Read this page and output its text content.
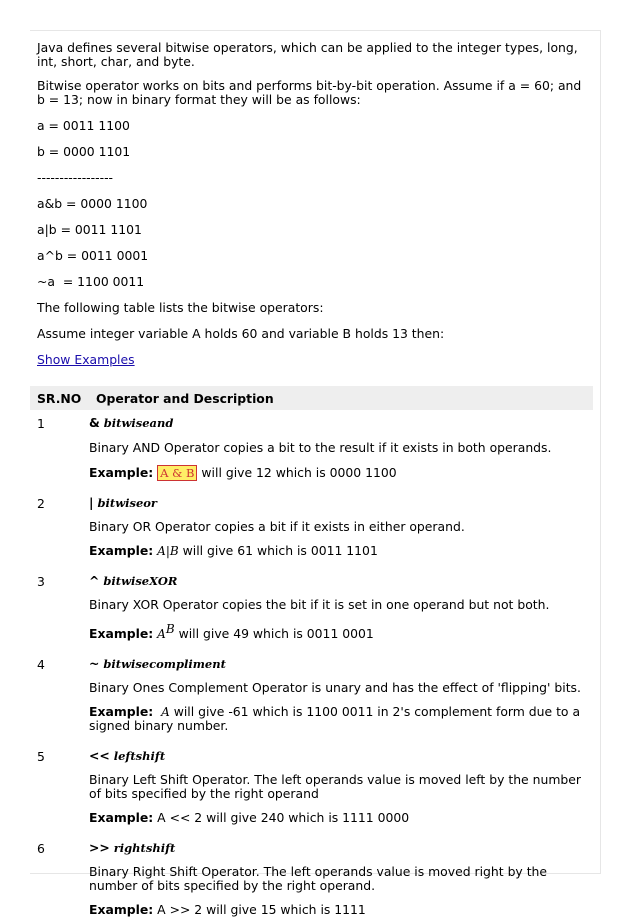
Java defines several bitwise operators, which can be applied to the integer types, long, int, short, char, and byte.

Bitwise operator works on bits and performs bit-by-bit operation. Assume if a = 60; and b = 13; now in binary format they will be as follows:

a = 0011 1100

b = 0000 1101

-----------------

a&b = 0000 1100

a|b = 0011 1101

a^b = 0011 0001

~a  = 1100 0011

The following table lists the bitwise operators:

Assume integer variable A holds 60 and variable B holds 13 then:

Show Examples

SR.NO	Operator and Description
1	& bitwiseand

Binary AND Operator copies a bit to the result if it exists in both operands.

Example: A & B will give 12 which is 0000 1100

2	| bitwiseor

Binary OR Operator copies a bit if it exists in either operand.

Example: A|B will give 61 which is 0011 1101

3	^ bitwiseXOR

Binary XOR Operator copies the bit if it is set in one operand but not both.

Example: $A^B$ will give 49 which is 0011 0001

4	~ bitwisecompliment

Binary Ones Complement Operator is unary and has the effect of 'flipping' bits.

Example: A will give -61 which is 1100 0011 in 2's complement form due to a signed binary number.

5	<< leftshift

Binary Left Shift Operator. The left operands value is moved left by the number of bits specified by the right operand

Example: A << 2 will give 240 which is 1111 0000

6	>> rightshift

Binary Right Shift Operator. The left operands value is moved right by the number of bits specified by the right operand.

Example: A >> 2 will give 15 which is 1111
